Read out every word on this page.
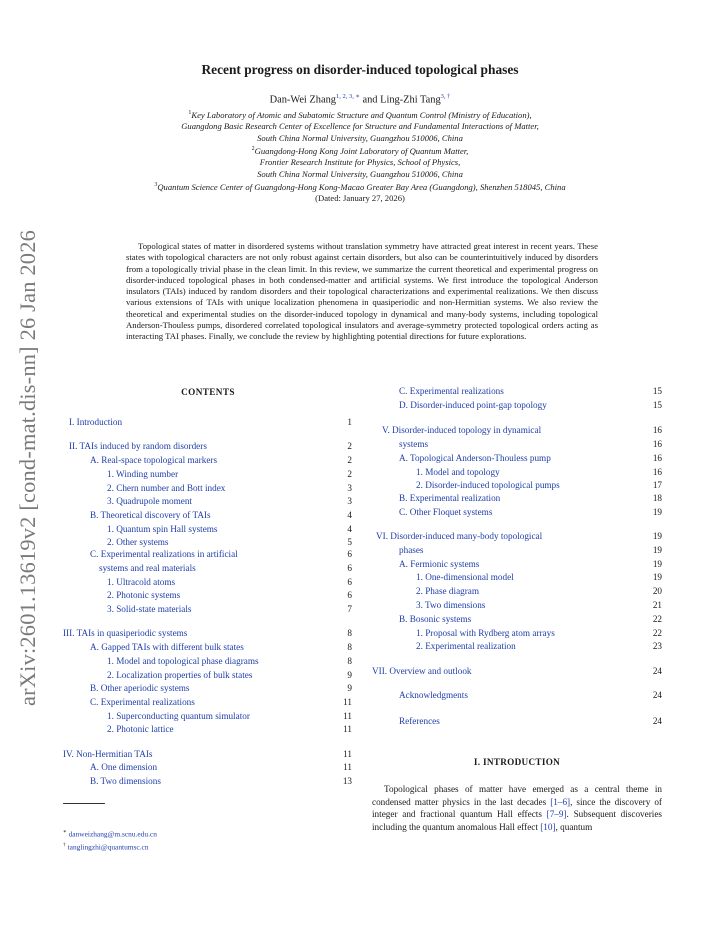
arXiv:2601.13619v2 [cond-mat.dis-nn] 26 Jan 2026
Recent progress on disorder-induced topological phases
Dan-Wei Zhang$^{1, 2, 3, ∗}$ and Ling-Zhi Tang$^{3, \dagger}$
$^1$Key Laboratory of Atomic and Subatomic Structure and Quantum Control (Ministry of Education),
Guangdong Basic Research Center of Excellence for Structure and Fundamental Interactions of Matter,
South China Normal University, Guangzhou 510006, China
$^2$Guangdong-Hong Kong Joint Laboratory of Quantum Matter,
Frontier Research Institute for Physics, School of Physics,
South China Normal University, Guangzhou 510006, China
$^3$Quantum Science Center of Guangdong-Hong Kong-Macao Greater Bay Area (Guangdong), Shenzhen 518045, China
(Dated: January 27, 2026)
Topological states of matter in disordered systems without translation symmetry have attracted great interest in recent years. These states with topological characters are not only robust against certain disorders, but also can be counterintuitively induced by disorders from a topologically trivial phase in the clean limit. In this review, we summarize the current theoretical and experimental progress on disorder-induced topological phases in both condensed-matter and artificial systems. We first introduce the topological Anderson insulators (TAIs) induced by random disorders and their topological characterizations and experimental realizations. We then discuss various extensions of TAIs with unique localization phenomena in quasiperiodic and non-Hermitian systems. We also review the theoretical and experimental studies on the disorder-induced topology in dynamical and many-body systems, including topological Anderson-Thouless pumps, disordered correlated topological insulators and average-symmetry protected topological orders acting as interacting TAI phases. Finally, we conclude the review by highlighting potential directions for future explorations.
CONTENTS
I. Introduction	1
II. TAIs induced by random disorders	2
A. Real-space topological markers	2
1. Winding number	2
2. Chern number and Bott index	3
3. Quadrupole moment	3
B. Theoretical discovery of TAIs	4
1. Quantum spin Hall systems	4
2. Other systems	5
C. Experimental realizations in artificial	6
systems and real materials	6
1. Ultracold atoms	6
2. Photonic systems	6
3. Solid-state materials	7
III. TAIs in quasiperiodic systems	8
A. Gapped TAIs with different bulk states	8
1. Model and topological phase diagrams	8
2. Localization properties of bulk states	9
B. Other aperiodic systems	9
C. Experimental realizations	11
1. Superconducting quantum simulator	11
2. Photonic lattice	11
IV. Non-Hermitian TAIs	11
A. One dimension	11
B. Two dimensions	13
C. Experimental realizations	15
D. Disorder-induced point-gap topology	15
V. Disorder-induced topology in dynamical	16
systems	16
A. Topological Anderson-Thouless pump	16
1. Model and topology	16
2. Disorder-induced topological pumps	17
B. Experimental realization	18
C. Other Floquet systems	19
VI. Disorder-induced many-body topological	19
phases	19
A. Fermionic systems	19
1. One-dimensional model	19
2. Phase diagram	20
3. Two dimensions	21
B. Bosonic systems	22
1. Proposal with Rydberg atom arrays	22
2. Experimental realization	23
VII. Overview and outlook	24
Acknowledgments	24
References	24
∗ danweizhang@m.scnu.edu.cn
† tanglingzhi@quantumsc.cn
I. INTRODUCTION
Topological phases of matter have emerged as a central theme in condensed matter physics in the last decades [1–6], since the discovery of integer and fractional quantum Hall effects [7–9]. Subsequent discoveries including the quantum anomalous Hall effect [10], quantum
